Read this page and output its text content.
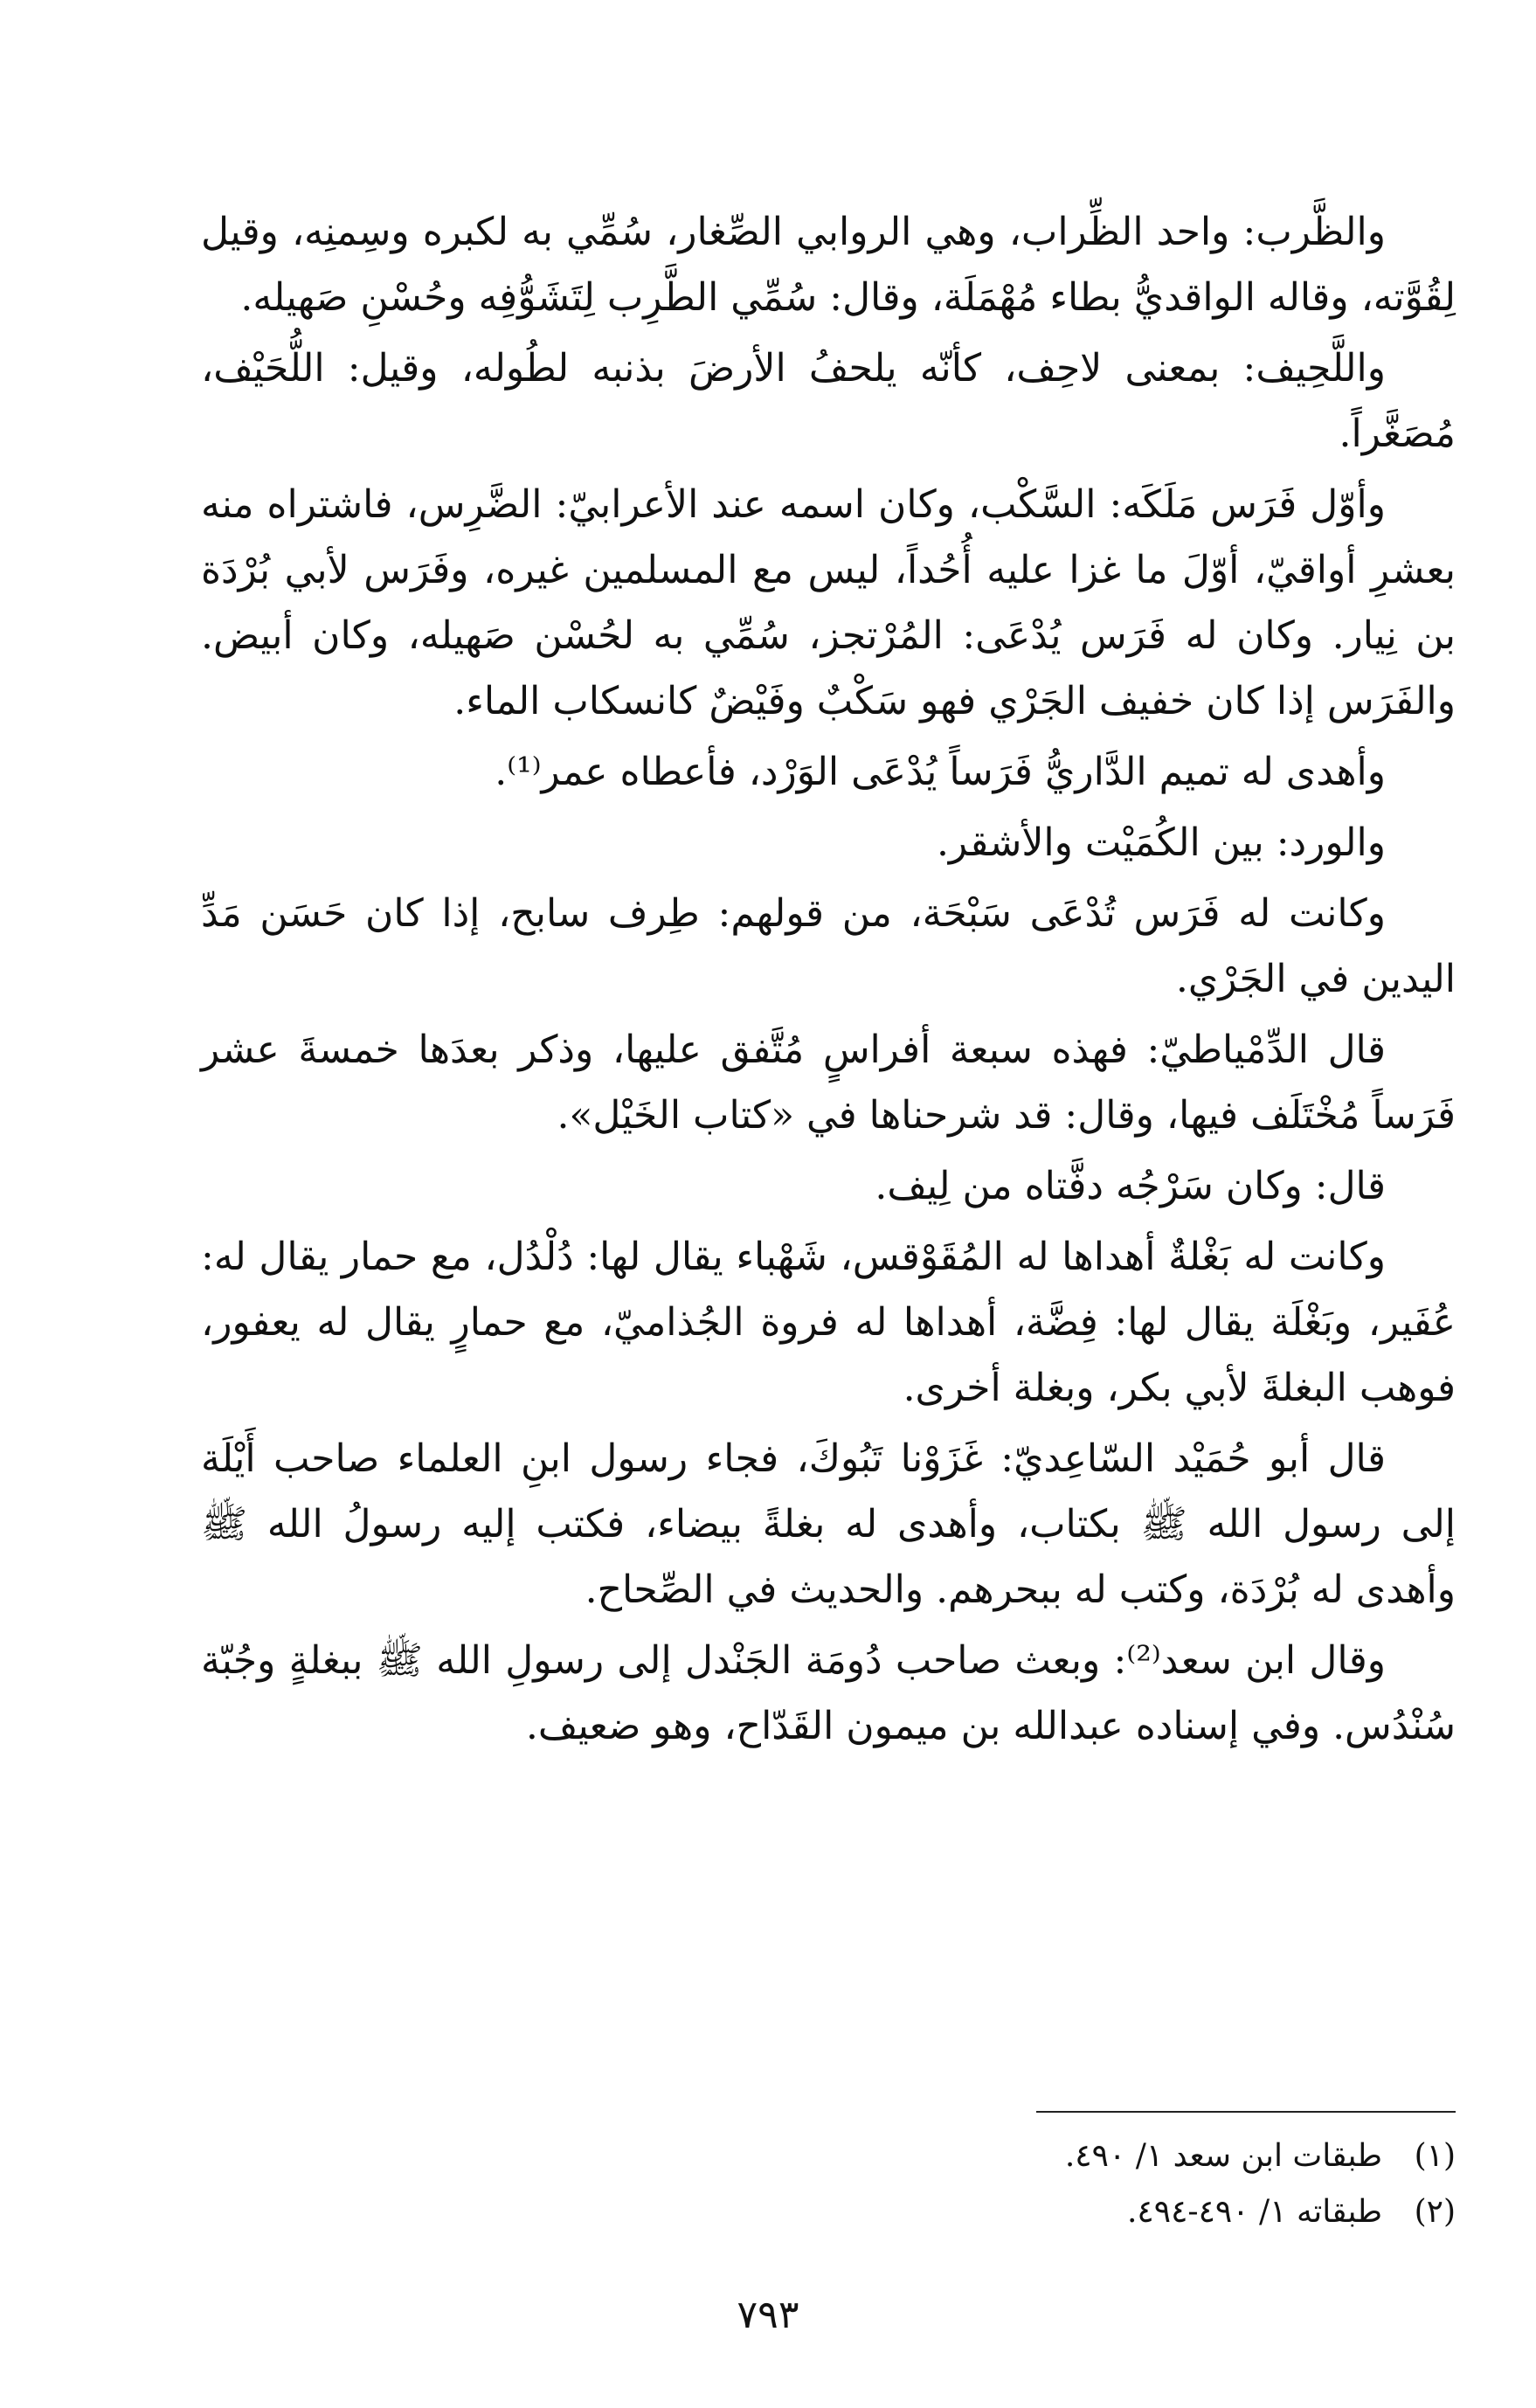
والظَّرب: واحد الظِّراب، وهي الروابي الصِّغار، سُمِّي به لكبره وسِمنِه، وقيل لِقُوَّته، وقاله الواقديُّ بطاء مُهْمَلَة، وقال: سُمِّي الطَّرِب لِتَشَوُّفِه وحُسْنِ صَهيله.

واللَّحِيف: بمعنى لاحِف، كأنّه يلحفُ الأرضَ بذنبه لطُوله، وقيل: اللُّحَيْف، مُصَغَّراً.

وأوّل فَرَس مَلَكَه: السَّكْب، وكان اسمه عند الأعرابيّ: الضَّرِس، فاشتراه منه بعشرِ أواقيّ، أوّلَ ما غزا عليه أُحُداً، ليس مع المسلمين غيره، وفَرَس لأبي بُرْدَة بن نِيار. وكان له فَرَس يُدْعَى: المُرْتجز، سُمِّي به لحُسْن صَهيله، وكان أبيض. والفَرَس إذا كان خفيف الجَرْي فهو سَكْبٌ وفَيْضٌ كانسكاب الماء.

وأهدى له تميم الدَّاريُّ فَرَساً يُدْعَى الوَرْد، فأعطاه عمر⁽¹⁾.

والورد: بين الكُمَيْت والأشقر.

وكانت له فَرَس تُدْعَى سَبْحَة، من قولهم: طِرف سابح، إذا كان حَسَن مَدِّ اليدين في الجَرْي.

قال الدِّمْياطيّ: فهذه سبعة أفراسٍ مُتَّفق عليها، وذكر بعدَها خمسةَ عشر فَرَساً مُخْتَلَف فيها، وقال: قد شرحناها في «كتاب الخَيْل».

قال: وكان سَرْجُه دفَّتاه من لِيف.

وكانت له بَغْلةٌ أهداها له المُقَوْقس، شَهْباء يقال لها: دُلْدُل، مع حمار يقال له: عُفَير، وبَغْلَة يقال لها: فِضَّة، أهداها له فروة الجُذاميّ، مع حمارٍ يقال له يعفور، فوهب البغلةَ لأبي بكر، وبغلة أخرى.

قال أبو حُمَيْد السّاعِديّ: غَزَوْنا تَبُوكَ، فجاء رسول ابنِ العلماء صاحب أَيْلَة إلى رسول الله ﷺ بكتاب، وأهدى له بغلةً بيضاء، فكتب إليه رسولُ الله ﷺ وأهدى له بُرْدَة، وكتب له ببحرهم. والحديث في الصِّحاح.

وقال ابن سعد⁽²⁾: وبعث صاحب دُومَة الجَنْدل إلى رسولِ الله ﷺ ببغلةٍ وجُبّة سُنْدُس. وفي إسناده عبدالله بن ميمون القَدّاح، وهو ضعيف.

(١)
طبقات ابن سعد ١/ ٤٩٠.
(٢)
طبقاته ١/ ٤٩٠-٤٩٤.
٧٩٣
